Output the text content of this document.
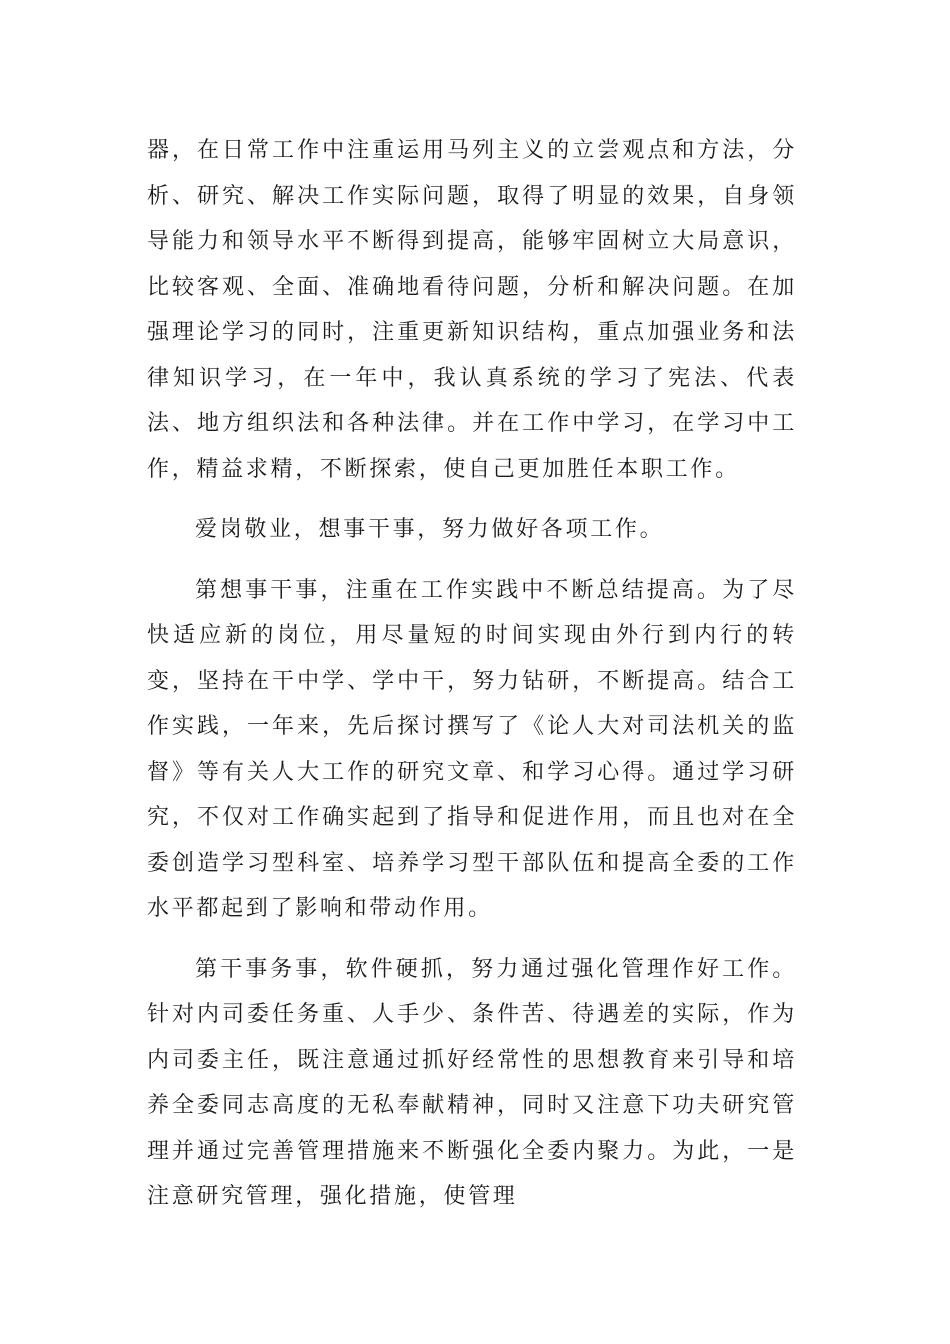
器，在日常工作中注重运用马列主义的立尝观点和方法，分析、研究、解决工作实际问题，取得了明显的效果，自身领导能力和领导水平不断得到提高，能够牢固树立大局意识，比较客观、全面、准确地看待问题，分析和解决问题。在加强理论学习的同时，注重更新知识结构，重点加强业务和法律知识学习，在一年中，我认真系统的学习了宪法、代表法、地方组织法和各种法律。并在工作中学习，在学习中工作，精益求精，不断探索，使自己更加胜任本职工作。

爱岗敬业，想事干事，努力做好各项工作。

第想事干事，注重在工作实践中不断总结提高。为了尽快适应新的岗位，用尽量短的时间实现由外行到内行的转变，坚持在干中学、学中干，努力钻研，不断提高。结合工作实践，一年来，先后探讨撰写了《论人大对司法机关的监督》等有关人大工作的研究文章、和学习心得。通过学习研究，不仅对工作确实起到了指导和促进作用，而且也对在全委创造学习型科室、培养学习型干部队伍和提高全委的工作水平都起到了影响和带动作用。

第干事务事，软件硬抓，努力通过强化管理作好工作。针对内司委任务重、人手少、条件苦、待遇差的实际，作为内司委主任，既注意通过抓好经常性的思想教育来引导和培养全委同志高度的无私奉献精神，同时又注意下功夫研究管理并通过完善管理措施来不断强化全委内聚力。为此，一是注意研究管理，强化措施，使管理
